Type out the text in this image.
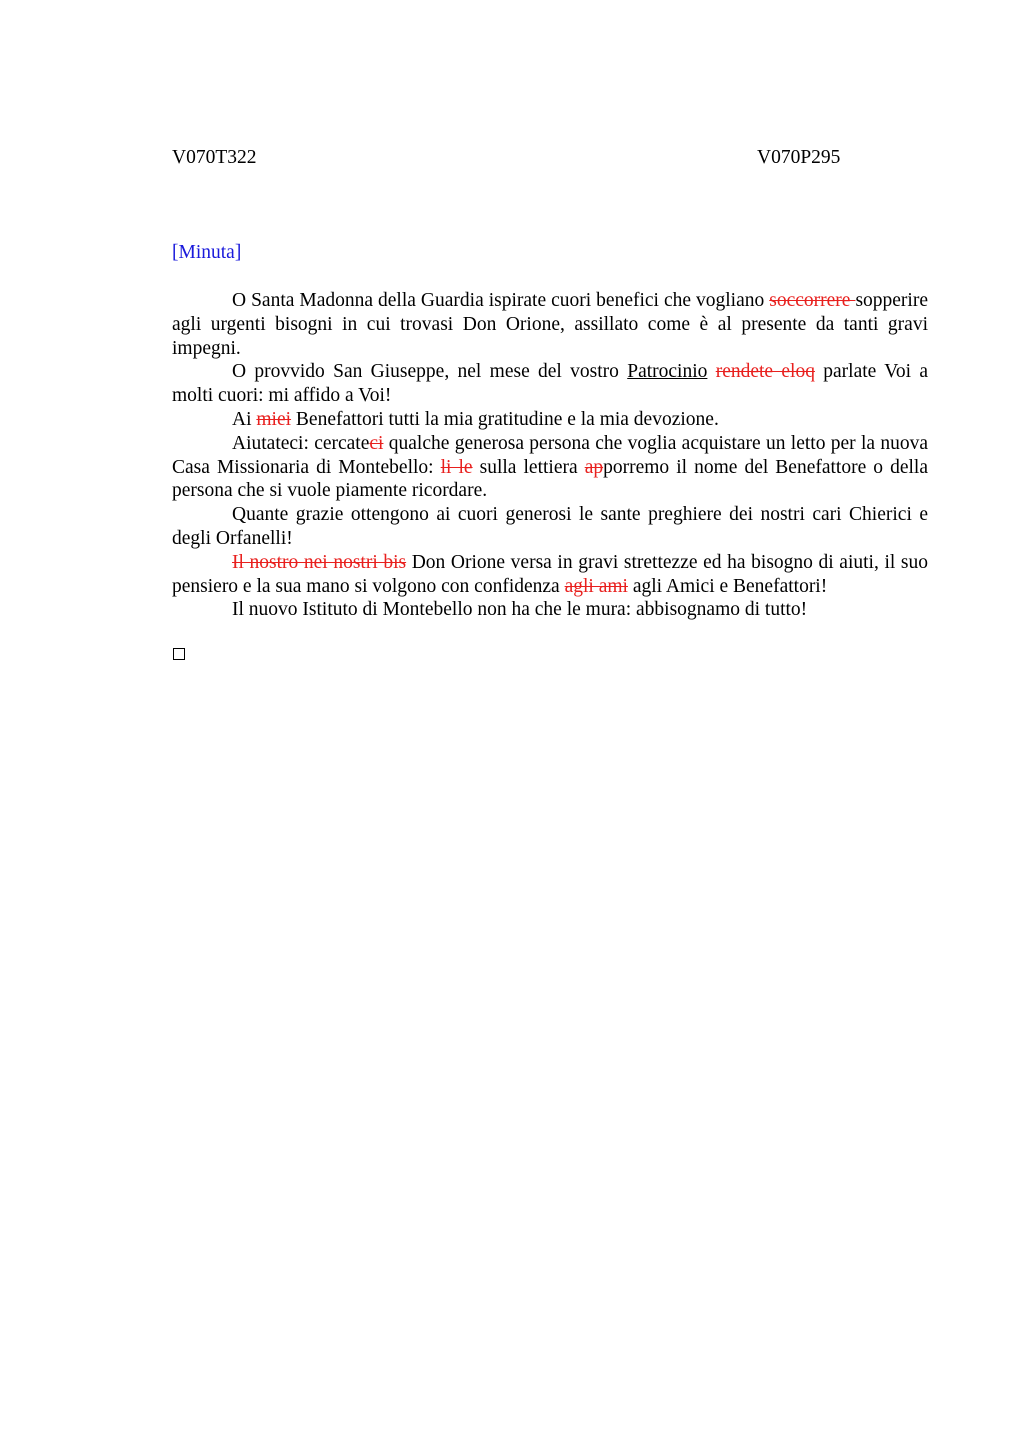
V070T322	V070P295
[Minuta]

O Santa Madonna della Guardia ispirate cuori benefici che vogliano soccorrere sopperire agli urgenti bisogni in cui trovasi Don Orione, assillato come è al presente da tanti gravi impegni.

O provvido San Giuseppe, nel mese del vostro Patrocinio rendete eloq parlate Voi a molti cuori: mi affido a Voi!

Ai miei Benefattori tutti la mia gratitudine e la mia devozione.

Aiutateci: cercateci qualche generosa persona che voglia acquistare un letto per la nuova Casa Missionaria di Montebello: li le sulla lettiera apporremo il nome del Benefattore o della persona che si vuole piamente ricordare.

Quante grazie ottengono ai cuori generosi le sante preghiere dei nostri cari Chierici e degli Orfanelli!

Il nostro nei nostri bis Don Orione versa in gravi strettezze ed ha bisogno di aiuti, il suo pensiero e la sua mano si volgono con confidenza agli ami agli Amici e Benefattori!

Il nuovo Istituto di Montebello non ha che le mura: abbisognamo di tutto!
